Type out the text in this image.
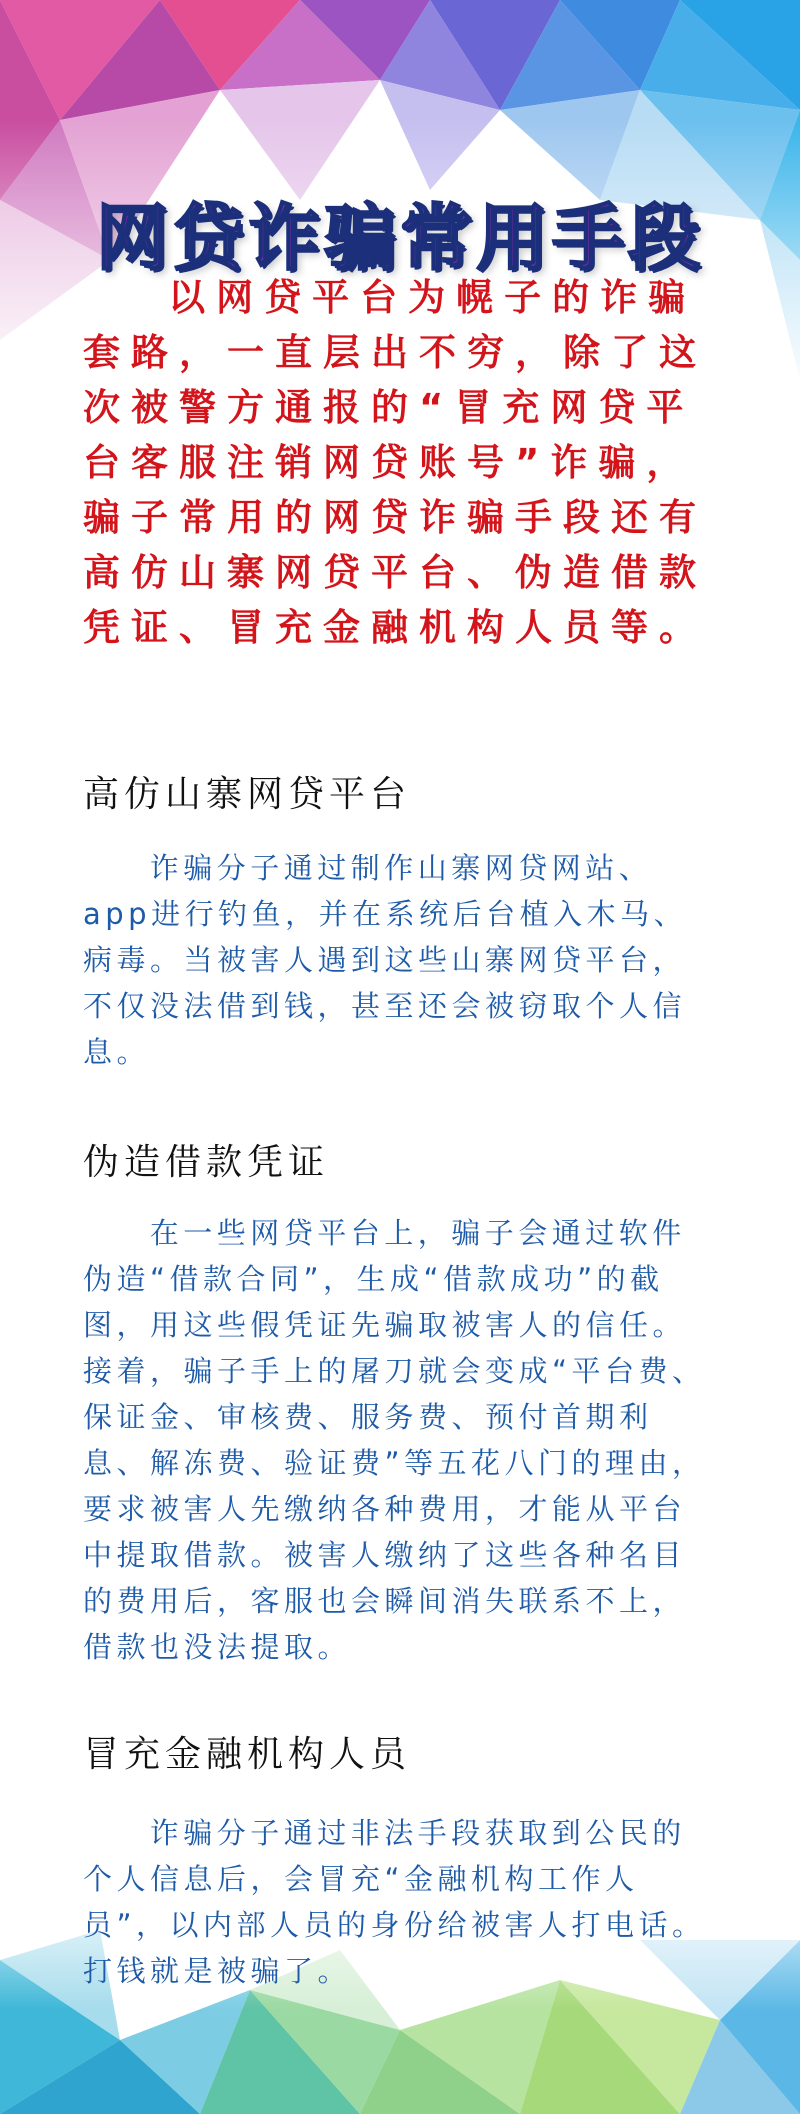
网贷诈骗常用手段

以网贷平台为幌子的诈骗套路，一直层出不穷，除了这次被警方通报的“冒充网贷平台客服注销网贷账号”诈骗，骗子常用的网贷诈骗手段还有高仿山寨网贷平台、伪造借款凭证、冒充金融机构人员等。

高仿山寨网贷平台

诈骗分子通过制作山寨网贷网站、app进行钓鱼，并在系统后台植入木马、病毒。当被害人遇到这些山寨网贷平台，不仅没法借到钱，甚至还会被窃取个人信息。

伪造借款凭证

在一些网贷平台上，骗子会通过软件伪造“借款合同”，生成“借款成功”的截图，用这些假凭证先骗取被害人的信任。接着，骗子手上的屠刀就会变成“平台费、保证金、审核费、服务费、预付首期利息、解冻费、验证费”等五花八门的理由，要求被害人先缴纳各种费用，才能从平台中提取借款。被害人缴纳了这些各种名目的费用后，客服也会瞬间消失联系不上，借款也没法提取。

冒充金融机构人员

诈骗分子通过非法手段获取到公民的个人信息后，会冒充“金融机构工作人员”，以内部人员的身份给被害人打电话。打钱就是被骗了。
